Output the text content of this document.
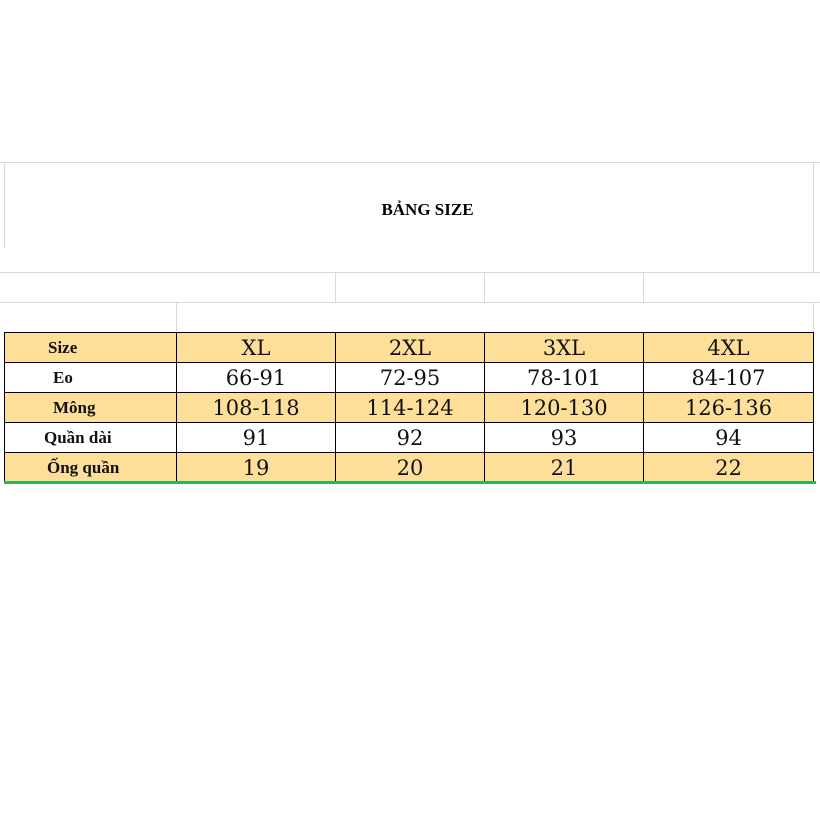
BẢNG SIZE
Size	XL	2XL	3XL	4XL
Eo	66-91	72-95	78-101	84-107
Mông	108-118	114-124	120-130	126-136
Quần dài	91	92	93	94
Ống quần	19	20	21	22
